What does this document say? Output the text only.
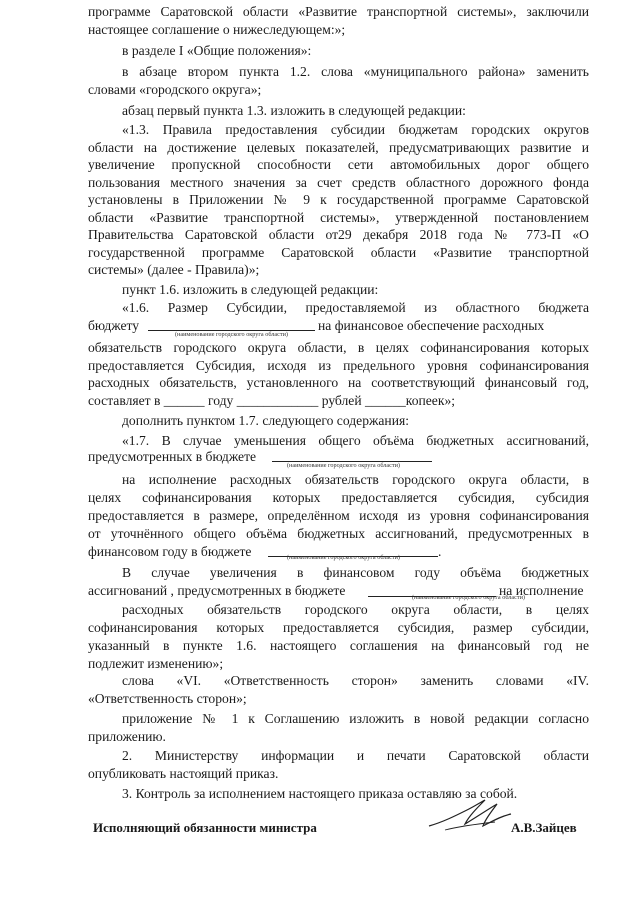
программе Саратовской области «Развитие транспортной системы», заключили
настоящее соглашение о нижеследующем:»;
в разделе I «Общие положения»:
в абзаце втором пункта 1.2. слова «муниципального района» заменить
словами «городского округа»;
абзац первый пункта 1.3. изложить в следующей редакции:
«1.3. Правила предоставления субсидии бюджетам городских округов
области на достижение целевых показателей, предусматривающих развитие и
увеличение пропускной способности сети автомобильных дорог общего
пользования местного значения за счет средств областного дорожного фонда
установлены в Приложении № 9 к государственной программе Саратовской
области «Развитие транспортной системы», утвержденной постановлением
Правительства Саратовской области от29 декабря 2018 года № 773-П «О
государственной программе Саратовской области «Развитие транспортной
системы» (далее - Правила)»;
пункт 1.6. изложить в следующей редакции:
«1.6. Размер Субсидии, предоставляемой из областного бюджета
бюджету
(наименование городского округа области)
на финансовое обеспечение расходных
обязательств городского округа области, в целях софинансирования которых
предоставляется Субсидия, исходя из предельного уровня софинансирования
расходных обязательств, установленного на соответствующий финансовый год,
составляет в ______ году ____________ рублей ______копеек»;
дополнить пунктом 1.7. следующего содержания:
«1.7. В случае уменьшения общего объёма бюджетных ассигнований,
предусмотренных в бюджете
(наименование городского округа области)
на исполнение расходных обязательств городского округа области, в
целях софинансирования которых предоставляется субсидия, субсидия
предоставляется в размере, определённом исходя из уровня софинансирования
от уточнённого общего объёма бюджетных ассигнований, предусмотренных в
финансовом году в бюджете	.
(наименование городского округа области)
В случае увеличения в финансовом году объёма бюджетных
ассигнований , предусмотренных в бюджете	на исполнение
(наименование городского округа области)
расходных обязательств городского округа области, в целях
софинансирования которых предоставляется субсидия, размер субсидии,
указанный в пункте 1.6. настоящего соглашения на финансовый год не
подлежит изменению»;
слова «VI. «Ответственность сторон» заменить словами «IV.
«Ответственность сторон»;
приложение № 1 к Соглашению изложить в новой редакции согласно
приложению.
2. Министерству информации и печати Саратовской области
опубликовать настоящий приказ.
3. Контроль за исполнением настоящего приказа оставляю за собой.
Исполняющий обязанности министра	А.В.Зайцев
